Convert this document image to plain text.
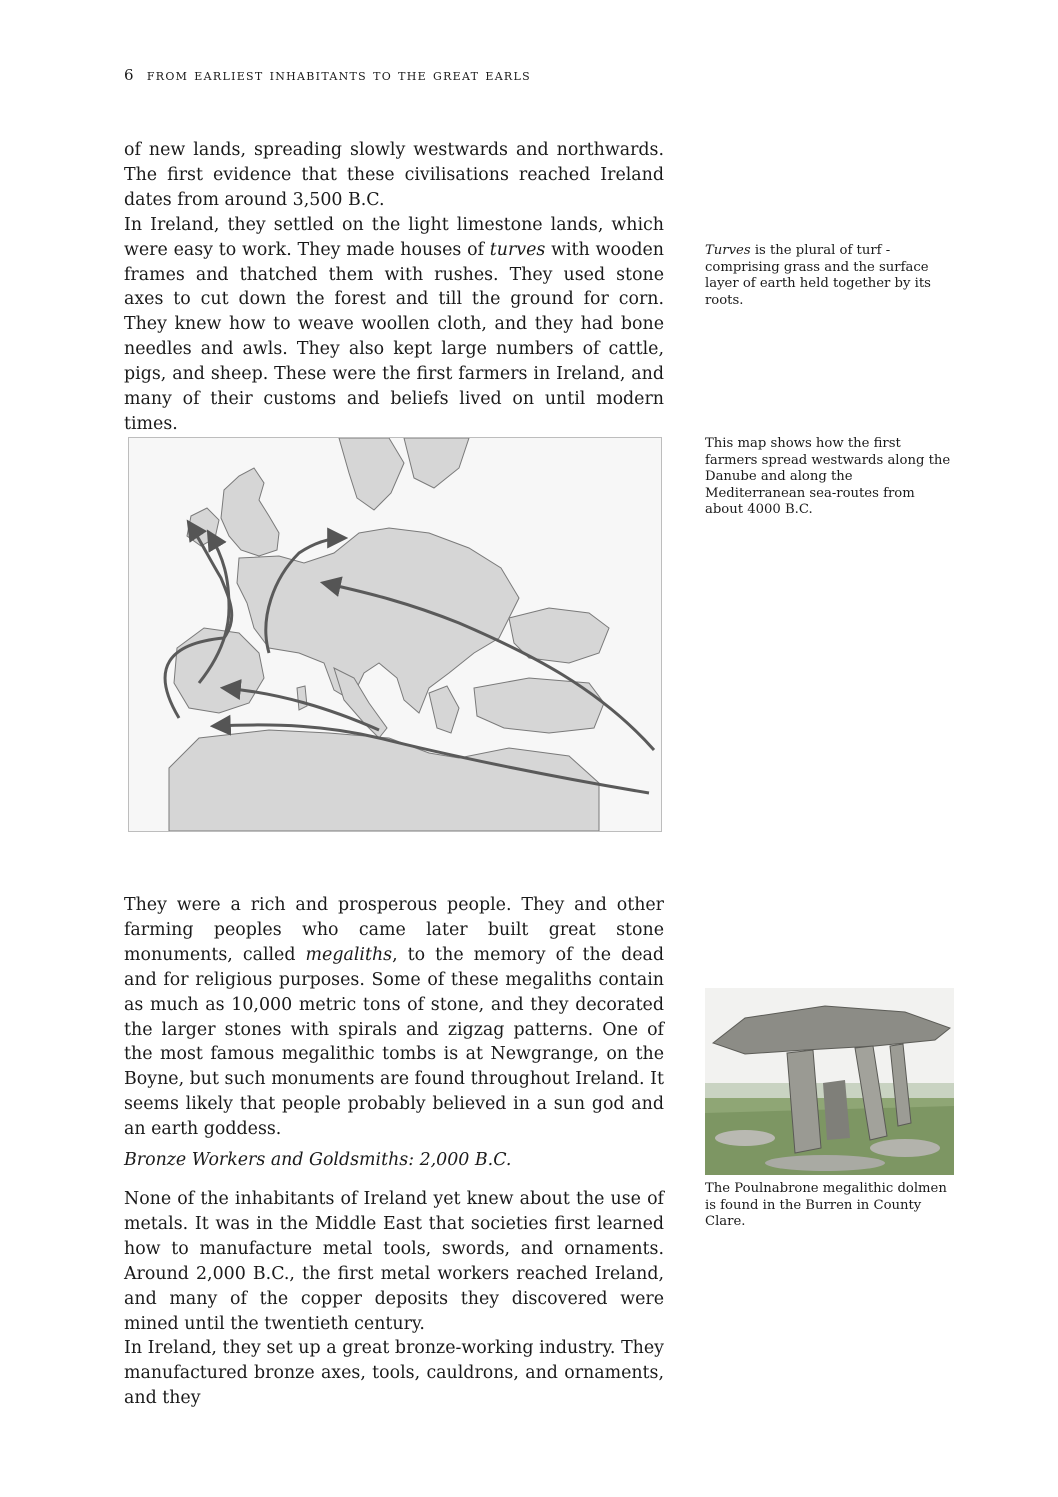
6 from earliest inhabitants to the great earls

of new lands, spreading slowly westwards and northwards. The first evidence that these civilisations reached Ireland dates from around 3,500 B.C.

In Ireland, they settled on the light limestone lands, which were easy to work. They made houses of turves with wooden frames and thatched them with rushes. They used stone axes to cut down the forest and till the ground for corn. They knew how to weave woollen cloth, and they had bone needles and awls. They also kept large numbers of cattle, pigs, and sheep. These were the first farmers in Ireland, and many of their customs and beliefs lived on until modern times.

Turves is the plural of turf - comprising grass and the surface layer of earth held together by its roots.

This map shows how the first farmers spread westwards along the Danube and along the Mediterranean sea-routes from about 4000 B.C.

They were a rich and prosperous people. They and other farming peoples who came later built great stone monuments, called megaliths, to the memory of the dead and for religious purposes. Some of these megaliths contain as much as 10,000 metric tons of stone, and they decorated the larger stones with spirals and zigzag patterns. One of the most famous megalithic tombs is at Newgrange, on the Boyne, but such monuments are found throughout Ireland. It seems likely that people probably believed in a sun god and an earth goddess.

Bronze Workers and Goldsmiths: 2,000 B.C.

None of the inhabitants of Ireland yet knew about the use of metals. It was in the Middle East that societies first learned how to manufacture metal tools, swords, and ornaments. Around 2,000 B.C., the first metal workers reached Ireland, and many of the copper deposits they discovered were mined until the twentieth century.

In Ireland, they set up a great bronze-working industry. They manufactured bronze axes, tools, cauldrons, and ornaments, and they

The Poulnabrone megalithic dolmen is found in the Burren in County Clare.
